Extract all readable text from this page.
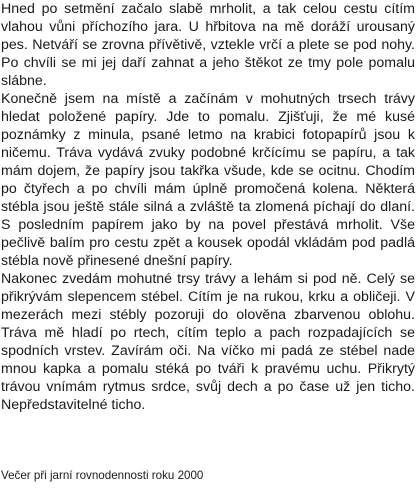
Hned po setmění začalo slabě mrholit, a tak celou cestu cítím vlahou vůni příchozího jara. U hřbitova na mě doráží urousaný pes. Netváří se zrovna přívětivě, vztekle vrčí a plete se pod nohy. Po chvíli se mi jej daří zahnat a jeho štěkot ze tmy pole pomalu slábne.

Konečně jsem na místě a začínám v mohutných trsech trávy hledat položené papíry. Jde to pomalu. Zjišťuji, že mé kusé poznámky z minula, psané letmo na krabici fotopapírů jsou k ničemu. Tráva vydává zvuky podobné krčícímu se papíru, a tak mám dojem, že papíry jsou takřka všude, kde se ocitnu. Chodím po čtyřech a po chvíli mám úplně promočená kolena. Některá stébla jsou ještě stále silná a zvláště ta zlomená píchají do dlaní. S posledním papírem jako by na povel přestává mrholit. Vše pečlivě balím pro cestu zpět a kousek opodál vkládám pod padlá stébla nově přinesené dnešní papíry.

Nakonec zvedám mohutné trsy trávy a lehám si pod ně. Celý se přikrývám slepencem stébel. Cítím je na rukou, krku a obličeji. V mezerách mezi stébly pozoruji do olověna zbarvenou oblohu. Tráva mě hladí po rtech, cítím teplo a pach rozpadajících se spodních vrstev. Zavírám oči. Na víčko mi padá ze stébel nade mnou kapka a pomalu stéká po tváři k pravému uchu. Přikrytý trávou vnímám rytmus srdce, svůj dech a po čase už jen ticho. Nepředstavitelné ticho.

Večer při jarní rovnodennosti roku 2000
